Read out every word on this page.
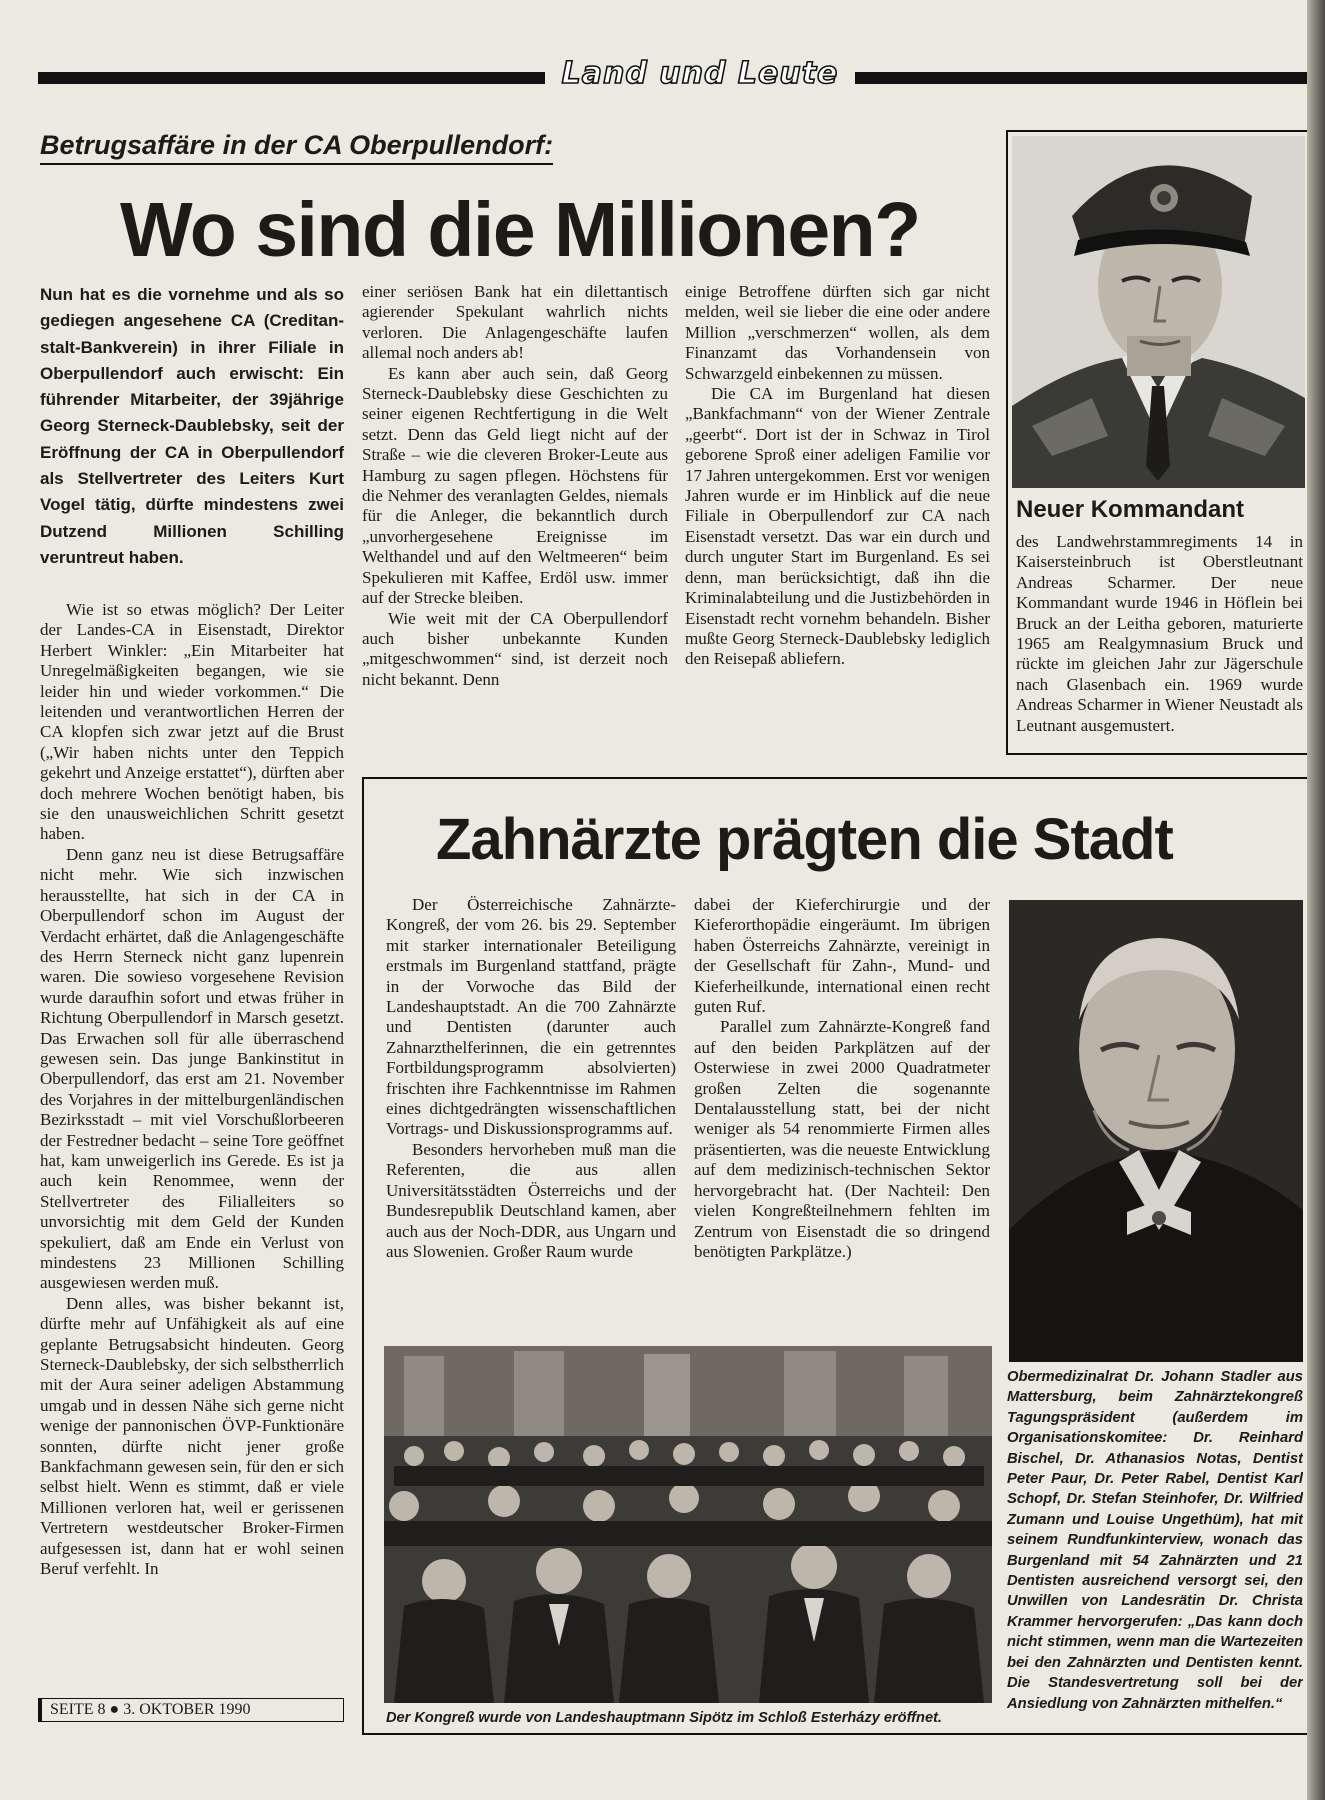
Land und Leute
Betrugsaffäre in der CA Oberpullendorf:
Wo sind die Millionen?

Nun hat es die vornehme und als so gediegen angesehene CA (Creditan-stalt-Bankverein) in ihrer Filiale in Oberpullendorf auch erwischt: Ein führender Mitarbeiter, der 39jährige Georg Sterneck-Daublebsky, seit der Eröffnung der CA in Oberpullendorf als Stellvertreter des Leiters Kurt Vogel tätig, dürfte mindestens zwei Dutzend Millionen Schilling veruntreut haben.

Wie ist so etwas möglich? Der Leiter der Landes-CA in Eisenstadt, Direktor Herbert Winkler: „Ein Mitarbeiter hat Unregelmäßigkeiten begangen, wie sie leider hin und wieder vorkommen.“ Die leitenden und verantwortlichen Herren der CA klopfen sich zwar jetzt auf die Brust („Wir haben nichts unter den Teppich gekehrt und Anzeige erstattet“), dürften aber doch mehrere Wochen benötigt haben, bis sie den unausweichlichen Schritt gesetzt haben.

Denn ganz neu ist diese Betrugsaffäre nicht mehr. Wie sich inzwischen herausstellte, hat sich in der CA in Oberpullendorf schon im August der Verdacht erhärtet, daß die Anlagengeschäfte des Herrn Sterneck nicht ganz lupenrein waren. Die sowieso vorgesehene Revision wurde daraufhin sofort und etwas früher in Richtung Oberpullendorf in Marsch gesetzt. Das Erwachen soll für alle überraschend gewesen sein. Das junge Bankinstitut in Oberpullendorf, das erst am 21. November des Vorjahres in der mittelburgenländischen Bezirksstadt – mit viel Vorschußlorbeeren der Festredner bedacht – seine Tore geöffnet hat, kam unweigerlich ins Gerede. Es ist ja auch kein Renommee, wenn der Stellvertreter des Filialleiters so unvorsichtig mit dem Geld der Kunden spekuliert, daß am Ende ein Verlust von mindestens 23 Millionen Schilling ausgewiesen werden muß.

Denn alles, was bisher bekannt ist, dürfte mehr auf Unfähigkeit als auf eine geplante Betrugsabsicht hindeuten. Georg Sterneck-Daublebsky, der sich selbstherrlich mit der Aura seiner adeligen Abstammung umgab und in dessen Nähe sich gerne nicht wenige der pannonischen ÖVP-Funktionäre sonnten, dürfte nicht jener große Bankfachmann gewesen sein, für den er sich selbst hielt. Wenn es stimmt, daß er viele Millionen verloren hat, weil er gerissenen Vertretern westdeutscher Broker-Firmen aufgesessen ist, dann hat er wohl seinen Beruf verfehlt. In

einer seriösen Bank hat ein dilettantisch agierender Spekulant wahrlich nichts verloren. Die Anlagengeschäfte laufen allemal noch anders ab!

Es kann aber auch sein, daß Georg Sterneck-Daublebsky diese Geschichten zu seiner eigenen Rechtfertigung in die Welt setzt. Denn das Geld liegt nicht auf der Straße – wie die cleveren Broker-Leute aus Hamburg zu sagen pflegen. Höchstens für die Nehmer des veranlagten Geldes, niemals für die Anleger, die bekanntlich durch „unvorhergesehene Ereignisse im Welthandel und auf den Weltmeeren“ beim Spekulieren mit Kaffee, Erdöl usw. immer auf der Strecke bleiben.

Wie weit mit der CA Oberpullendorf auch bisher unbekannte Kunden „mitgeschwommen“ sind, ist derzeit noch nicht bekannt. Denn

einige Betroffene dürften sich gar nicht melden, weil sie lieber die eine oder andere Million „verschmerzen“ wollen, als dem Finanzamt das Vorhandensein von Schwarzgeld einbekennen zu müssen.

Die CA im Burgenland hat diesen „Bankfachmann“ von der Wiener Zentrale „geerbt“. Dort ist der in Schwaz in Tirol geborene Sproß einer adeligen Familie vor 17 Jahren untergekommen. Erst vor wenigen Jahren wurde er im Hinblick auf die neue Filiale in Oberpullendorf zur CA nach Eisenstadt versetzt. Das war ein durch und durch unguter Start im Burgenland. Es sei denn, man berücksichtigt, daß ihn die Kriminalabteilung und die Justizbehörden in Eisenstadt recht vornehm behandeln. Bisher mußte Georg Sterneck-Daublebsky lediglich den Reisepaß abliefern.

Neuer Kommandant
des Landwehrstammregiments 14 in Kaisersteinbruch ist Oberstleutnant Andreas Scharmer. Der neue Kommandant wurde 1946 in Höflein bei Bruck an der Leitha geboren, maturierte 1965 am Realgymnasium Bruck und rückte im gleichen Jahr zur Jägerschule nach Glasenbach ein. 1969 wurde Andreas Scharmer in Wiener Neustadt als Leutnant ausgemustert.
Zahnärzte prägten die Stadt

Der Österreichische Zahnärzte-Kongreß, der vom 26. bis 29. September mit starker internationaler Beteiligung erstmals im Burgenland stattfand, prägte in der Vorwoche das Bild der Landeshauptstadt. An die 700 Zahnärzte und Dentisten (darunter auch Zahnarzthelferinnen, die ein getrenntes Fortbildungsprogramm absolvierten) frischten ihre Fachkenntnisse im Rahmen eines dichtgedrängten wissenschaftlichen Vortrags- und Diskussionsprogramms auf.

Besonders hervorheben muß man die Referenten, die aus allen Universitätsstädten Österreichs und der Bundesrepublik Deutschland kamen, aber auch aus der Noch-DDR, aus Ungarn und aus Slowenien. Großer Raum wurde

dabei der Kieferchirurgie und der Kieferorthopädie eingeräumt. Im übrigen haben Österreichs Zahnärzte, vereinigt in der Gesellschaft für Zahn-, Mund- und Kieferheilkunde, international einen recht guten Ruf.

Parallel zum Zahnärzte-Kongreß fand auf den beiden Parkplätzen auf der Osterwiese in zwei 2000 Quadratmeter großen Zelten die sogenannte Dentalausstellung statt, bei der nicht weniger als 54 renommierte Firmen alles präsentierten, was die neueste Entwicklung auf dem medizinisch-technischen Sektor hervorgebracht hat. (Der Nachteil: Den vielen Kongreßteilnehmern fehlten im Zentrum von Eisenstadt die so dringend benötigten Parkplätze.)

Obermedizinalrat Dr. Johann Stadler aus Mattersburg, beim Zahnärztekongreß Tagungspräsident (außerdem im Organisationskomitee: Dr. Reinhard Bischel, Dr. Athanasios Notas, Dentist Peter Paur, Dr. Peter Rabel, Dentist Karl Schopf, Dr. Stefan Steinhofer, Dr. Wilfried Zumann und Louise Ungethüm), hat mit seinem Rundfunkinterview, wonach das Burgenland mit 54 Zahnärzten und 21 Dentisten ausreichend versorgt sei, den Unwillen von Landesrätin Dr. Christa Krammer hervorgerufen: „Das kann doch nicht stimmen, wenn man die Wartezeiten bei den Zahnärzten und Dentisten kennt. Die Standesvertretung soll bei der Ansiedlung von Zahnärzten mithelfen.“
Der Kongreß wurde von Landeshauptmann Sipötz im Schloß Esterházy eröffnet.
SEITE 8 ● 3. OKTOBER 1990
